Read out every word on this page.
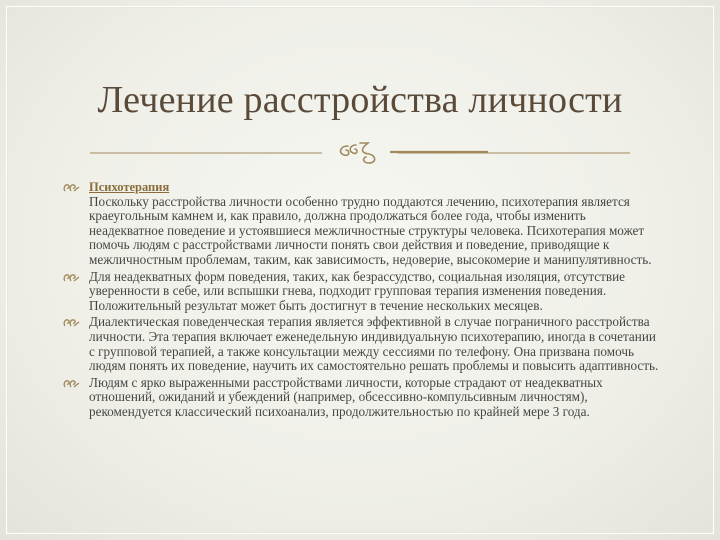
Лечение расстройства личности
Психотерапия
Поскольку расстройства личности особенно трудно поддаются лечению, психотерапия является краеугольным камнем и, как правило, должна продолжаться более года, чтобы изменить неадекватное поведение и устоявшиеся межличностные структуры человека. Психотерапия может помочь людям с расстройствами личности понять свои действия и поведение, приводящие к межличностным проблемам, таким, как зависимость, недоверие, высокомерие и манипулятивность.
Для неадекватных форм поведения, таких, как безрассудство, социальная изоляция, отсутствие уверенности в себе, или вспышки гнева, подходит групповая терапия изменения поведения. Положительный результат может быть достигнут в течение нескольких месяцев.
Диалектическая поведенческая терапия является эффективной в случае пограничного расстройства личности. Эта терапия включает еженедельную индивидуальную психотерапию, иногда в сочетании с групповой терапией, а также консультации между сессиями по телефону. Она призвана помочь людям понять их поведение, научить их самостоятельно решать проблемы и повысить адаптивность.
Людям с ярко выраженными расстройствами личности, которые страдают от неадекватных отношений, ожиданий и убеждений (например, обсессивно-компульсивным личностям), рекомендуется классический психоанализ, продолжительностью по крайней мере 3 года.
